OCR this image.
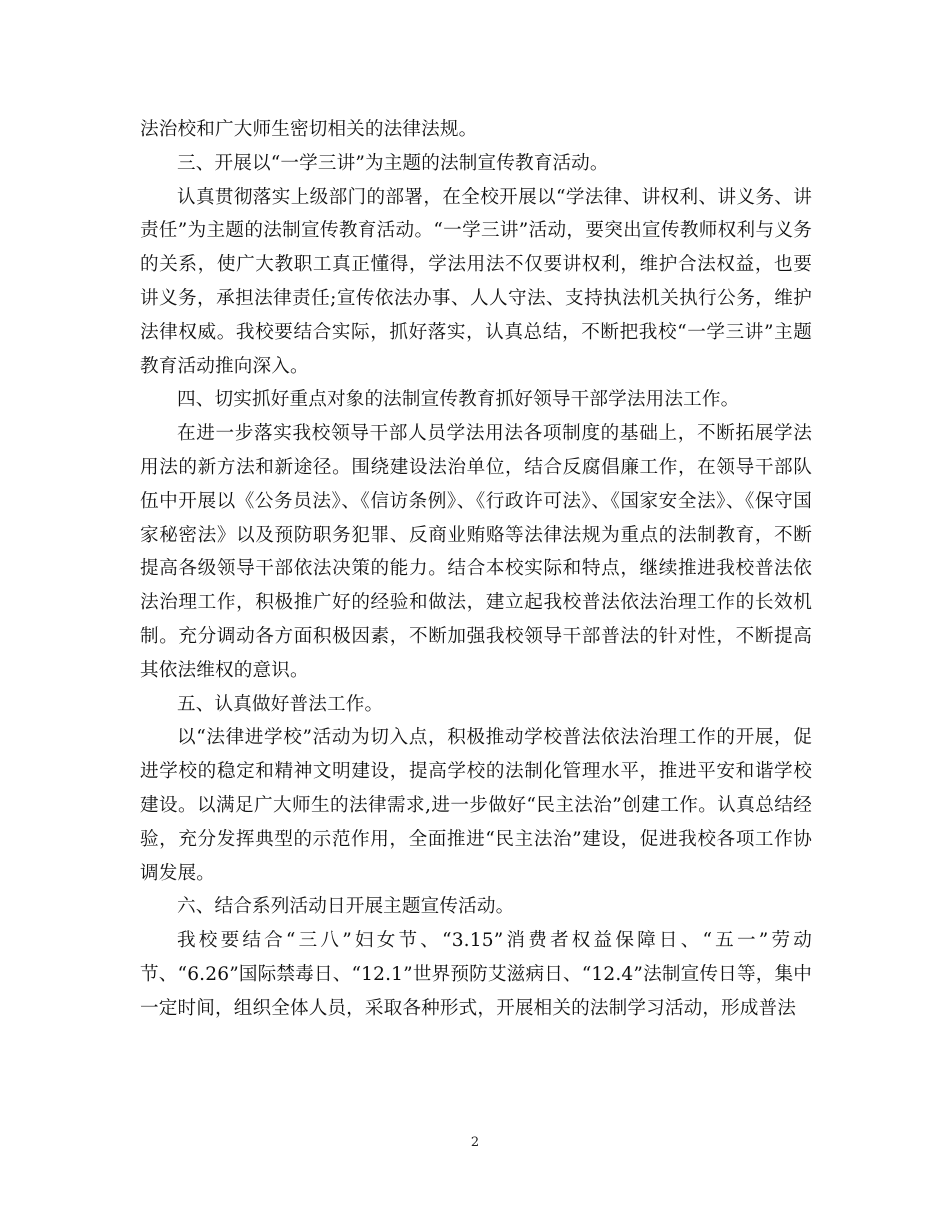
法治校和广大师生密切相关的法律法规。

三、开展以“一学三讲”为主题的法制宣传教育活动。

认真贯彻落实上级部门的部署，在全校开展以“学法律、讲权利、讲义务、讲责任”为主题的法制宣传教育活动。“一学三讲”活动，要突出宣传教师权利与义务的关系，使广大教职工真正懂得，学法用法不仅要讲权利，维护合法权益，也要讲义务，承担法律责任;宣传依法办事、人人守法、支持执法机关执行公务，维护法律权威。我校要结合实际，抓好落实，认真总结，不断把我校“一学三讲”主题教育活动推向深入。

四、切实抓好重点对象的法制宣传教育抓好领导干部学法用法工作。

在进一步落实我校领导干部人员学法用法各项制度的基础上，不断拓展学法用法的新方法和新途径。围绕建设法治单位，结合反腐倡廉工作，在领导干部队伍中开展以《公务员法》、《信访条例》、《行政许可法》、《国家安全法》、《保守国家秘密法》以及预防职务犯罪、反商业贿赂等法律法规为重点的法制教育，不断提高各级领导干部依法决策的能力。结合本校实际和特点，继续推进我校普法依法治理工作，积极推广好的经验和做法，建立起我校普法依法治理工作的长效机制。充分调动各方面积极因素，不断加强我校领导干部普法的针对性，不断提高其依法维权的意识。

五、认真做好普法工作。

以“法律进学校”活动为切入点，积极推动学校普法依法治理工作的开展，促进学校的稳定和精神文明建设，提高学校的法制化管理水平，推进平安和谐学校建设。以满足广大师生的法律需求,进一步做好“民主法治”创建工作。认真总结经验，充分发挥典型的示范作用，全面推进“民主法治”建设，促进我校各项工作协调发展。

六、结合系列活动日开展主题宣传活动。

我校要结合“三八”妇女节、“3.15”消费者权益保障日、“五一”劳动节、“6.26”国际禁毒日、“12.1”世界预防艾滋病日、“12.4”法制宣传日等，集中一定时间，组织全体人员，采取各种形式，开展相关的法制学习活动，形成普法

2
